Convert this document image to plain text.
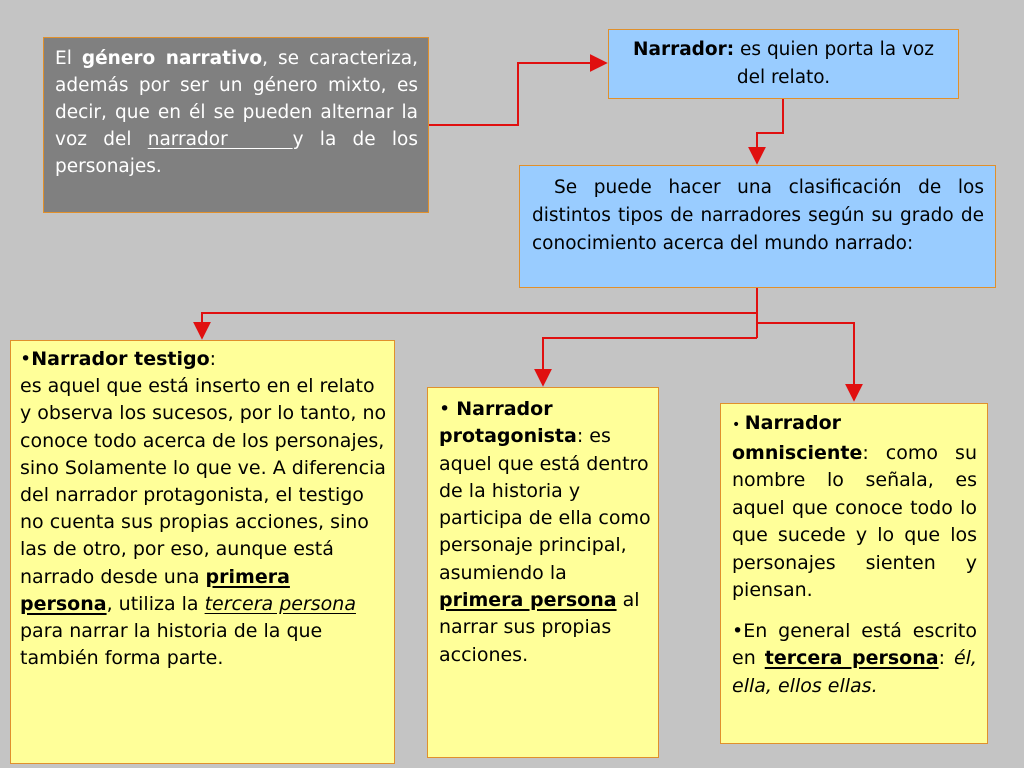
El género narrativo, se caracteriza, además por ser un género mixto, es decir, que en él se pueden alternar la voz del narrador    y la de los personajes.

Narrador: es quien porta la voz del relato.

Se puede hacer una clasificación de los distintos tipos de narradores según su grado de conocimiento acerca del mundo narrado:

•Narrador testigo:
es aquel que está inserto en el relato y observa los sucesos, por lo tanto, no conoce todo acerca de los personajes, sino Solamente lo que ve. A diferencia del narrador protagonista, el testigo no cuenta sus propias acciones, sino las de otro, por eso, aunque está narrado desde una primera persona, utiliza la tercera persona para narrar la historia de la que también forma parte.

• Narrador protagonista: es aquel que está dentro de la historia y participa de ella como personaje principal, asumiendo la primera persona al narrar sus propias acciones.

• Narrador
omnisciente: como su nombre lo señala, es aquel que conoce todo lo que sucede y lo que los personajes sienten y piensan.

•En general está escrito en tercera persona: él, ella, ellos ellas.
